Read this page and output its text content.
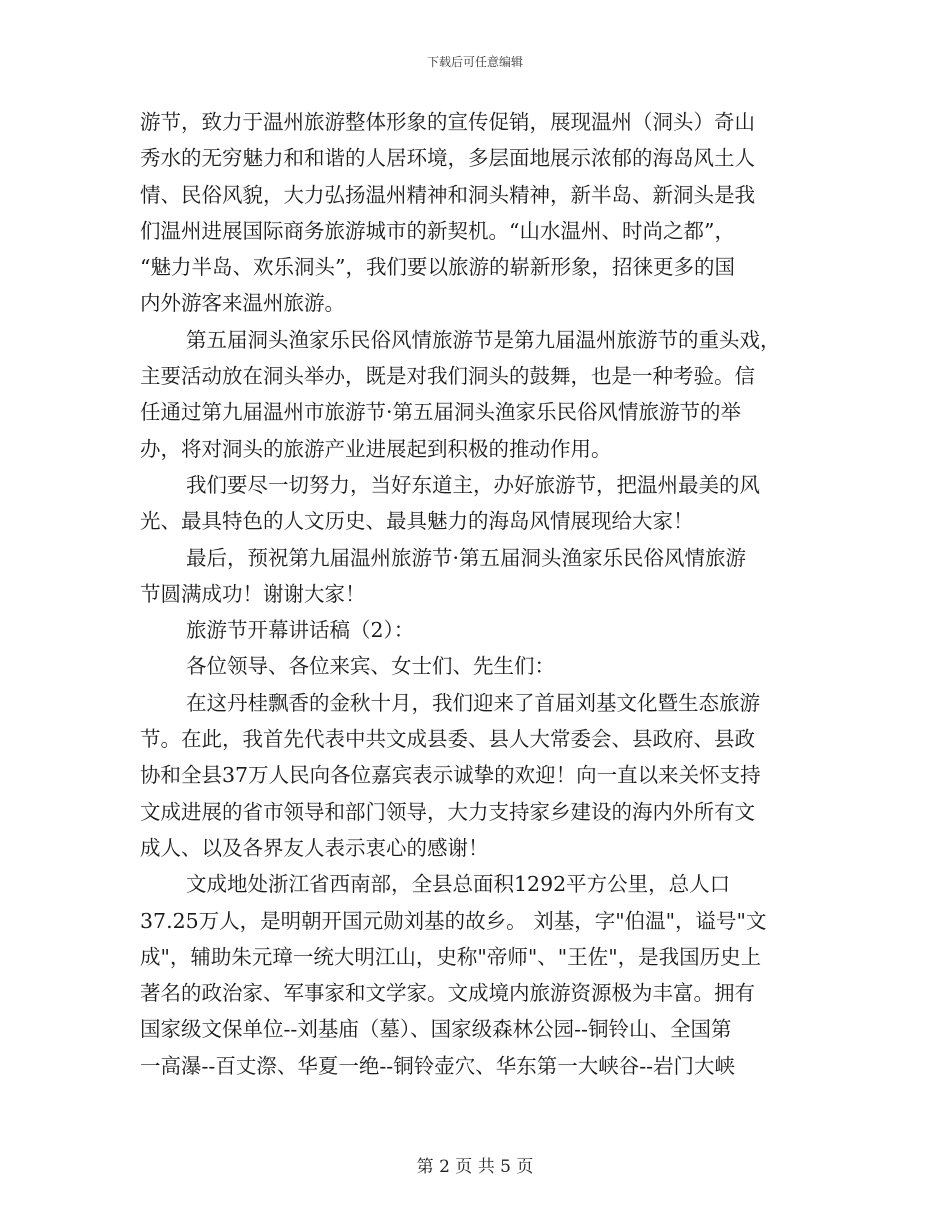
下载后可任意编辑
游节，致力于温州旅游整体形象的宣传促销，展现温州（洞头）奇山
秀水的无穷魅力和和谐的人居环境，多层面地展示浓郁的海岛风土人
情、民俗风貌，大力弘扬温州精神和洞头精神，新半岛、新洞头是我
们温州进展国际商务旅游城市的新契机。“山水温州、时尚之都”，
“魅力半岛、欢乐洞头”，我们要以旅游的崭新形象，招徕更多的国
内外游客来温州旅游。
第五届洞头渔家乐民俗风情旅游节是第九届温州旅游节的重头戏，
主要活动放在洞头举办，既是对我们洞头的鼓舞，也是一种考验。信
任通过第九届温州市旅游节·第五届洞头渔家乐民俗风情旅游节的举
办，将对洞头的旅游产业进展起到积极的推动作用。
我们要尽一切努力，当好东道主，办好旅游节，把温州最美的风
光、最具特色的人文历史、最具魅力的海岛风情展现给大家！
最后，预祝第九届温州旅游节·第五届洞头渔家乐民俗风情旅游
节圆满成功！谢谢大家！
旅游节开幕讲话稿（2）：
各位领导、各位来宾、女士们、先生们：
在这丹桂飘香的金秋十月，我们迎来了首届刘基文化暨生态旅游
节。在此，我首先代表中共文成县委、县人大常委会、县政府、县政
协和全县37万人民向各位嘉宾表示诚挚的欢迎！向一直以来关怀支持
文成进展的省市领导和部门领导，大力支持家乡建设的海内外所有文
成人、以及各界友人表示衷心的感谢！
文成地处浙江省西南部，全县总面积1292平方公里，总人口
37.25万人，是明朝开国元勋刘基的故乡。 刘基，字"伯温"，谥号"文
成"，辅助朱元璋一统大明江山，史称"帝师"、"王佐"，是我国历史上
著名的政治家、军事家和文学家。文成境内旅游资源极为丰富。拥有
国家级文保单位--刘基庙（墓）、国家级森林公园--铜铃山、全国第
一高瀑--百丈漈、华夏一绝--铜铃壶穴、华东第一大峡谷--岩门大峡
第 2 页 共 5 页
